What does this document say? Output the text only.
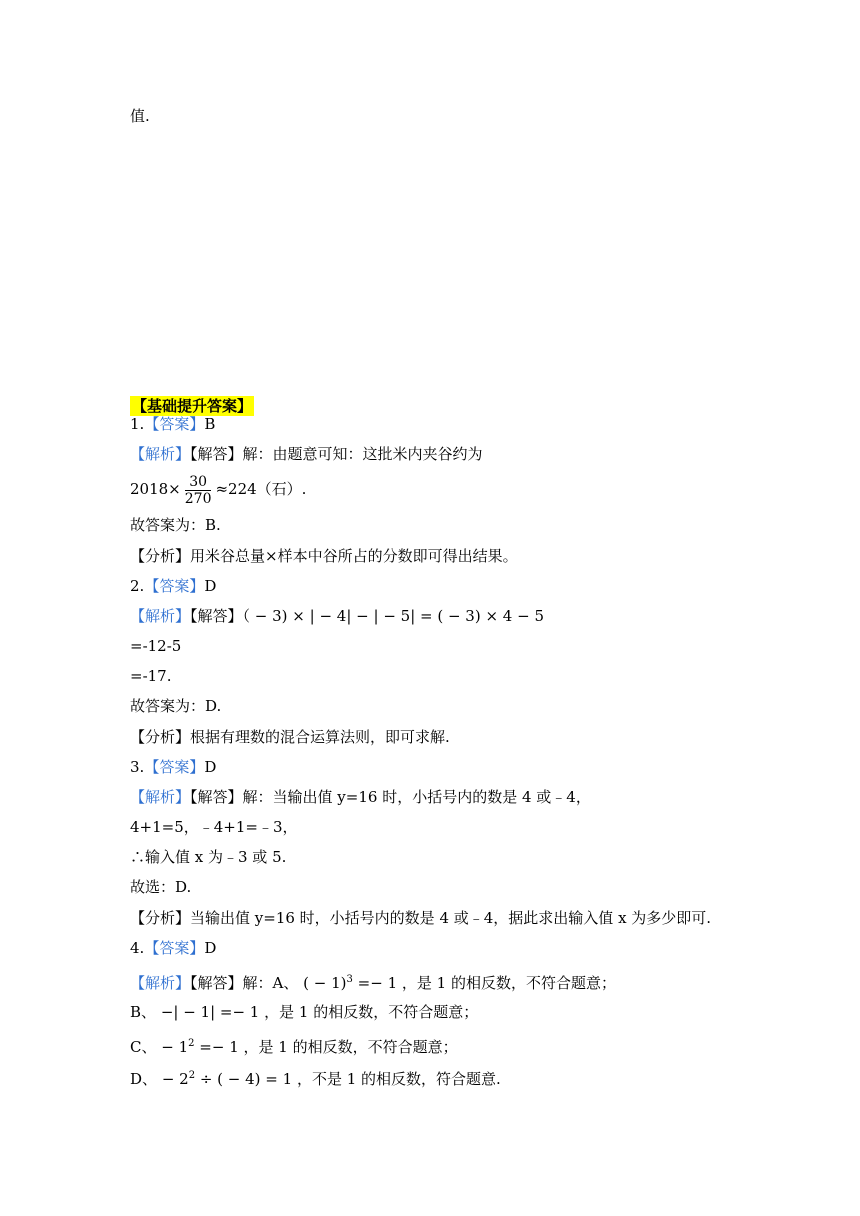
值.
【基础提升答案】
1.【答案】B
【解析】【解答】解：由题意可知：这批米内夹谷约为
$2018\times \frac{30}{270} \approx 224$（石）.
故答案为：B.
【分析】用米谷总量×样本中谷所占的分数即可得出结果。
2.【答案】D
【解析】【解答】（ − 3) × | − 4| − | − 5| = ( − 3) × 4 − 5
=-12-5
=-17.
故答案为：D.
【分析】根据有理数的混合运算法则，即可求解.
3.【答案】D
【解析】【解答】解：当输出值 y=16 时，小括号内的数是 4 或﹣4，
4+1=5，﹣4+1=﹣3，
∴输入值 x 为﹣3 或 5.
故选：D.
【分析】当输出值 y=16 时，小括号内的数是 4 或﹣4，据此求出输入值 x 为多少即可.
4.【答案】D
【解析】【解答】解：A、 ( − 1)$^3$ =− 1 ，是 1 的相反数，不符合题意；
B、 −| − 1| =− 1 ，是 1 的相反数，不符合题意；
C、 − $1^2 =- 1$ ，是 1 的相反数，不符合题意；
D、 − $2^2$ ÷ ( − 4) = 1 ，不是 1 的相反数，符合题意.
